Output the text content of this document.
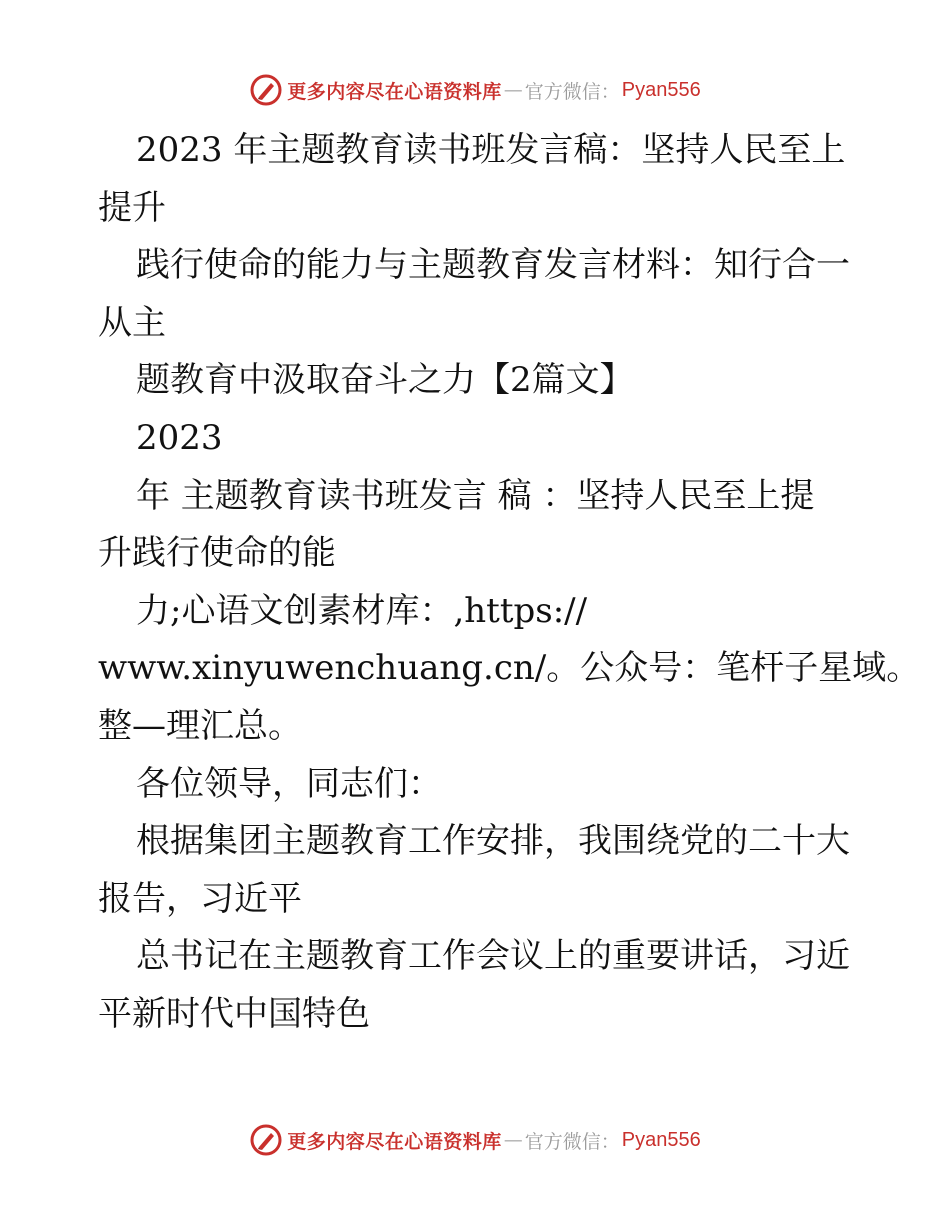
更多内容尽在心语资料库 — 官方微信： Pyan556
2023 年主题教育读书班发言稿：坚持人民至上
提升
践行使命的能力与主题教育发言材料：知行合一
从主
题教育中汲取奋斗之力【2篇文】
2023
年 主题教育读书班发言 稿 ：坚持人民至上提
升践行使命的能
力;心语文创素材库：,https://
www.xinyuwenchuang.cn/。公众号：笔杆子星域。
整—理汇总。
各位领导，同志们：
根据集团主题教育工作安排，我围绕党的二十大
报告，习近平
总书记在主题教育工作会议上的重要讲话，习近
平新时代中国特色
更多内容尽在心语资料库 — 官方微信： Pyan556
